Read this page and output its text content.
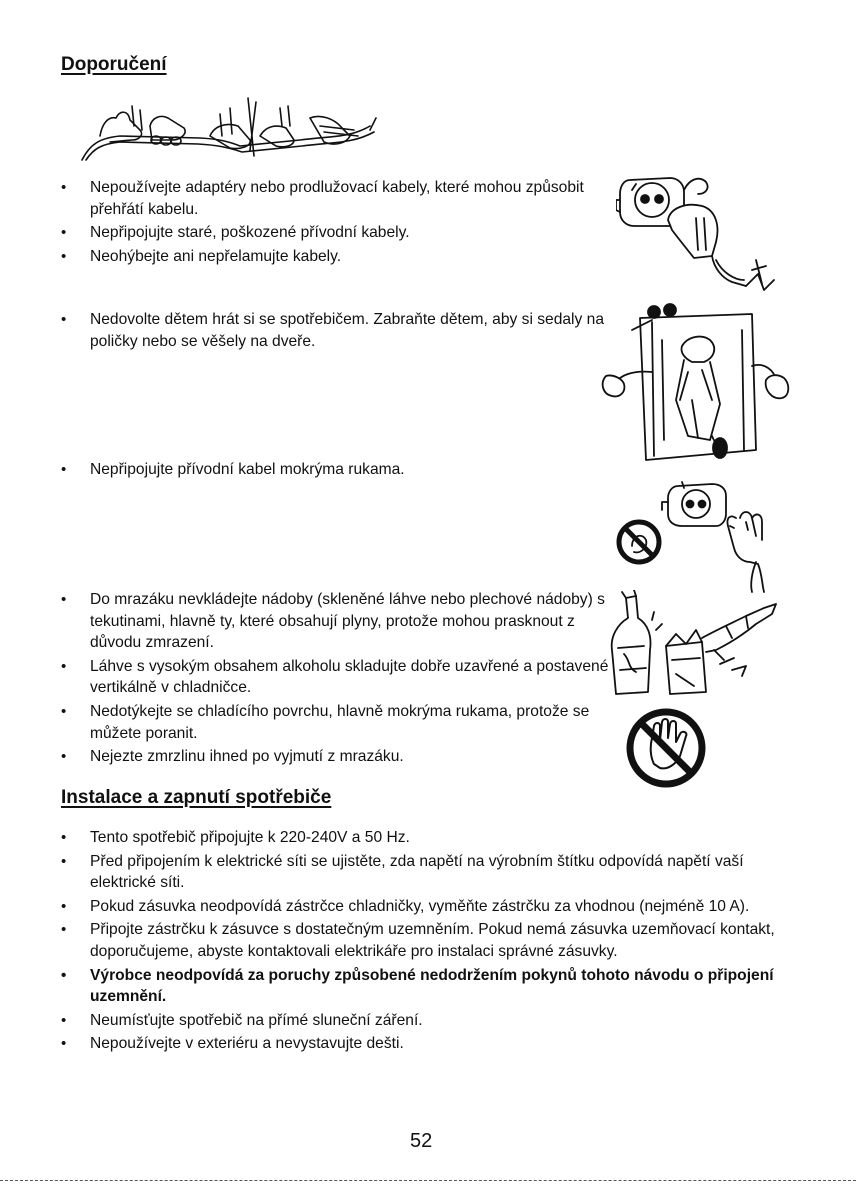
Doporučení
• Nepoužívejte adaptéry nebo prodlužovací kabely, které mohou způsobit přehřátí kabelu.
• Nepřipojujte staré, poškozené přívodní kabely.
• Neohýbejte ani nepřelamujte kabely.
• Nedovolte dětem hrát si se spotřebičem. Zabraňte dětem, aby si sedaly na poličky nebo se věšely na dveře.
• Nepřipojujte přívodní kabel mokrýma rukama.
• Do mrazáku nevkládejte nádoby (skleněné láhve nebo plechové nádoby) s tekutinami, hlavně ty, které obsahují plyny, protože mohou prasknout z důvodu zmrazení.
• Láhve s vysokým obsahem alkoholu skladujte dobře uzavřené a postavené vertikálně v chladničce.
• Nedotýkejte se chladícího povrchu, hlavně mokrýma rukama, protože se můžete poranit.
• Nejezte zmrzlinu ihned po vyjmutí z mrazáku.
Instalace a zapnutí spotřebiče
• Tento spotřebič připojujte k 220-240V a 50 Hz.
• Před připojením k elektrické síti se ujistěte, zda napětí na výrobním štítku odpovídá napětí vaší elektrické síti.
• Pokud zásuvka neodpovídá zástrčce chladničky, vyměňte zástrčku za vhodnou (nejméně 10 A).
• Připojte zástrčku k zásuvce s dostatečným uzemněním. Pokud nemá zásuvka uzemňovací kontakt, doporučujeme, abyste kontaktovali elektrikáře pro instalaci správné zásuvky.
• Výrobce neodpovídá za poruchy způsobené nedodržením pokynů tohoto návodu o připojení uzemnění.
• Neumísťujte spotřebič na přímé sluneční záření.
• Nepoužívejte v exteriéru a nevystavujte dešti.
52
